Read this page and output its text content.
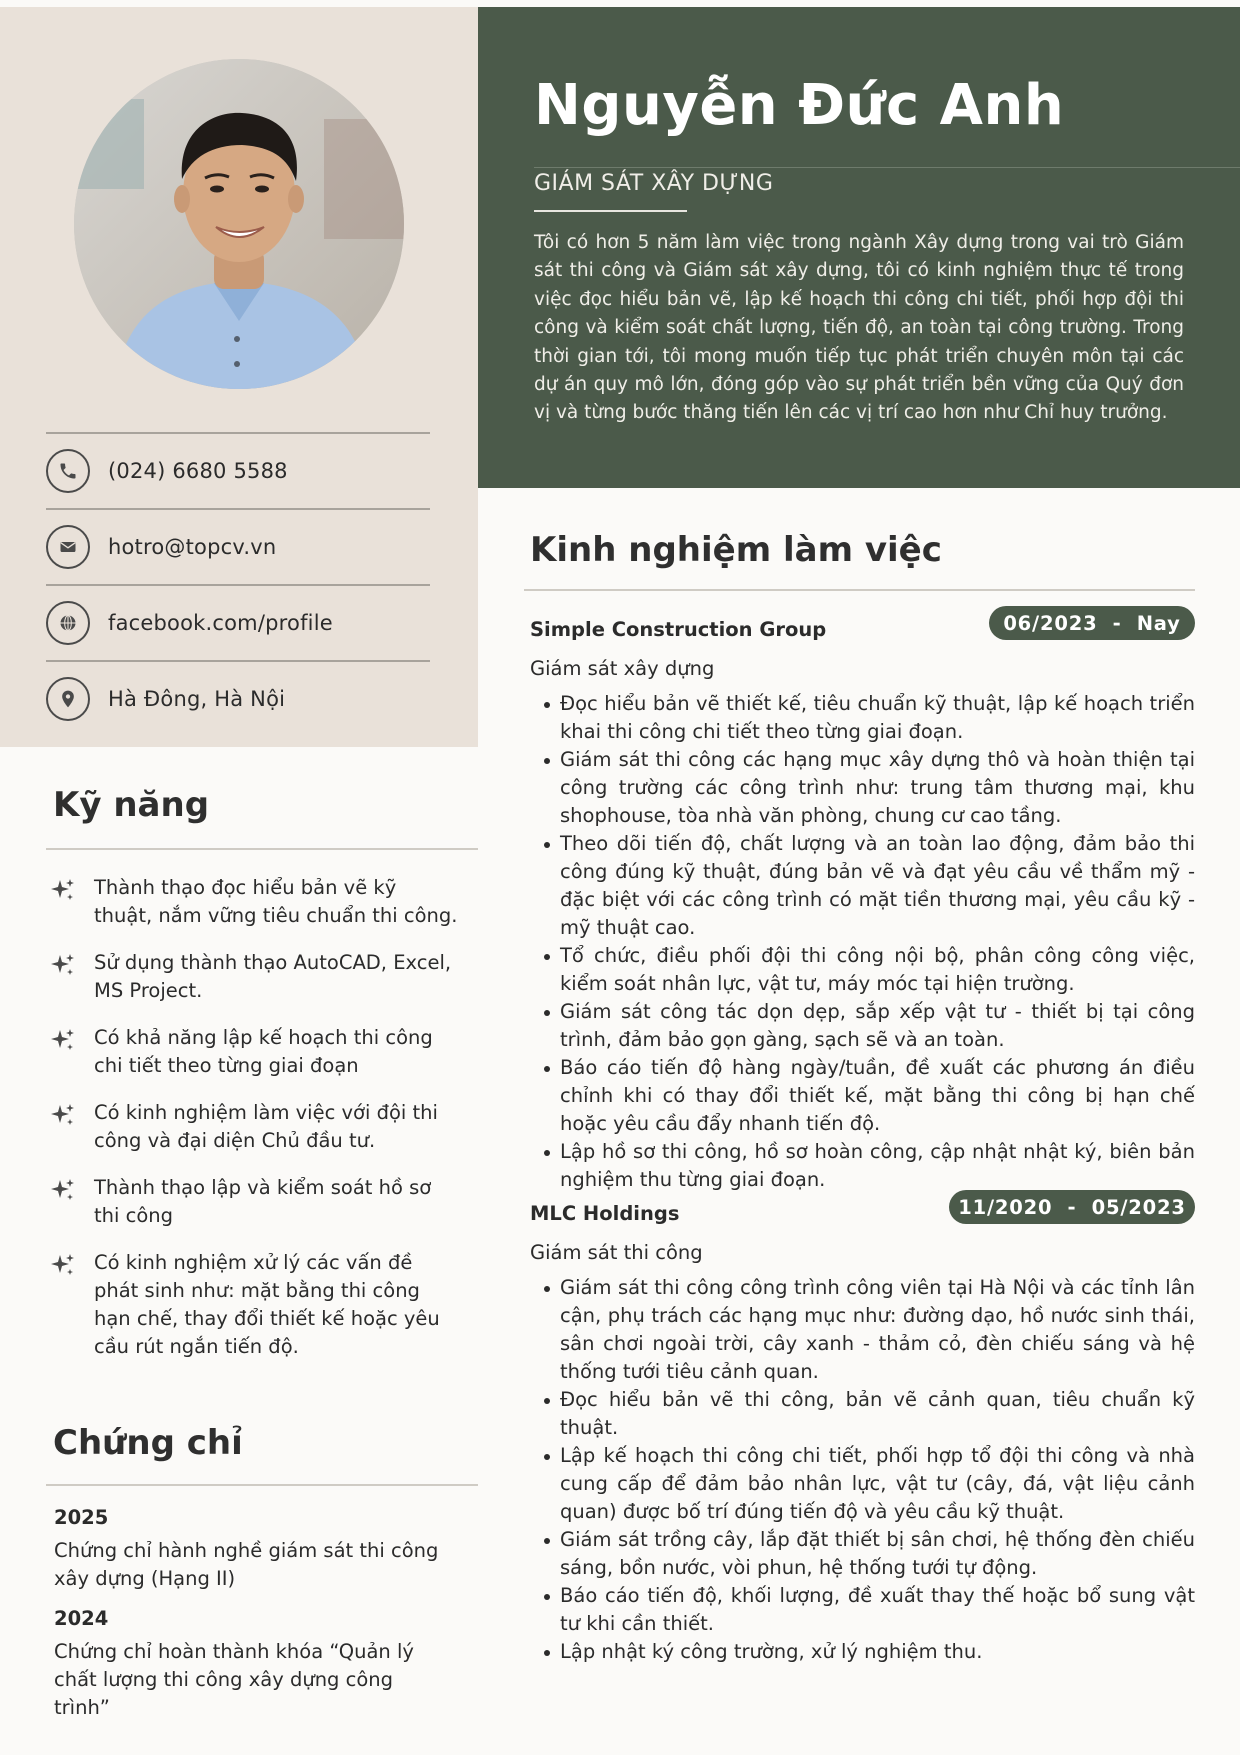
(024) 6680 5588
hotro@topcv.vn
facebook.com/profile
Hà Đông, Hà Nội
Nguyễn Đức Anh
GIÁM SÁT XÂY DỰNG
Tôi có hơn 5 năm làm việc trong ngành Xây dựng trong vai trò Giám sát thi công và Giám sát xây dựng, tôi có kinh nghiệm thực tế trong việc đọc hiểu bản vẽ, lập kế hoạch thi công chi tiết, phối hợp đội thi công và kiểm soát chất lượng, tiến độ, an toàn tại công trường. Trong thời gian tới, tôi mong muốn tiếp tục phát triển chuyên môn tại các dự án quy mô lớn, đóng góp vào sự phát triển bền vững của Quý đơn vị và từng bước thăng tiến lên các vị trí cao hơn như Chỉ huy trưởng.
Kỹ năng
Thành thạo đọc hiểu bản vẽ kỹ thuật, nắm vững tiêu chuẩn thi công.
Sử dụng thành thạo AutoCAD, Excel, MS Project.
Có khả năng lập kế hoạch thi công chi tiết theo từng giai đoạn
Có kinh nghiệm làm việc với đội thi công và đại diện Chủ đầu tư.
Thành thạo lập và kiểm soát hồ sơ thi công
Có kinh nghiệm xử lý các vấn đề phát sinh như: mặt bằng thi công hạn chế, thay đổi thiết kế hoặc yêu cầu rút ngắn tiến độ.
Chứng chỉ
2025
Chứng chỉ hành nghề giám sát thi công xây dựng (Hạng II)
2024
Chứng chỉ hoàn thành khóa “Quản lý chất lượng thi công xây dựng công trình”
Kinh nghiệm làm việc
Simple Construction Group	06/2023  -  Nay
Giám sát xây dựng
Đọc hiểu bản vẽ thiết kế, tiêu chuẩn kỹ thuật, lập kế hoạch triển khai thi công chi tiết theo từng giai đoạn.
Giám sát thi công các hạng mục xây dựng thô và hoàn thiện tại công trường các công trình như: trung tâm thương mại, khu shophouse, tòa nhà văn phòng, chung cư cao tầng.
Theo dõi tiến độ, chất lượng và an toàn lao động, đảm bảo thi công đúng kỹ thuật, đúng bản vẽ và đạt yêu cầu về thẩm mỹ - đặc biệt với các công trình có mặt tiền thương mại, yêu cầu kỹ - mỹ thuật cao.
Tổ chức, điều phối đội thi công nội bộ, phân công công việc, kiểm soát nhân lực, vật tư, máy móc tại hiện trường.
Giám sát công tác dọn dẹp, sắp xếp vật tư - thiết bị tại công trình, đảm bảo gọn gàng, sạch sẽ và an toàn.
Báo cáo tiến độ hàng ngày/tuần, đề xuất các phương án điều chỉnh khi có thay đổi thiết kế, mặt bằng thi công bị hạn chế hoặc yêu cầu đẩy nhanh tiến độ.
Lập hồ sơ thi công, hồ sơ hoàn công, cập nhật nhật ký, biên bản nghiệm thu từng giai đoạn.
MLC Holdings	11/2020  -  05/2023
Giám sát thi công
Giám sát thi công công trình công viên tại Hà Nội và các tỉnh lân cận, phụ trách các hạng mục như: đường dạo, hồ nước sinh thái, sân chơi ngoài trời, cây xanh - thảm cỏ, đèn chiếu sáng và hệ thống tưới tiêu cảnh quan.
Đọc hiểu bản vẽ thi công, bản vẽ cảnh quan, tiêu chuẩn kỹ thuật.
Lập kế hoạch thi công chi tiết, phối hợp tổ đội thi công và nhà cung cấp để đảm bảo nhân lực, vật tư (cây, đá, vật liệu cảnh quan) được bố trí đúng tiến độ và yêu cầu kỹ thuật.
Giám sát trồng cây, lắp đặt thiết bị sân chơi, hệ thống đèn chiếu sáng, bồn nước, vòi phun, hệ thống tưới tự động.
Báo cáo tiến độ, khối lượng, đề xuất thay thế hoặc bổ sung vật tư khi cần thiết.
Lập nhật ký công trường, xử lý nghiệm thu.
